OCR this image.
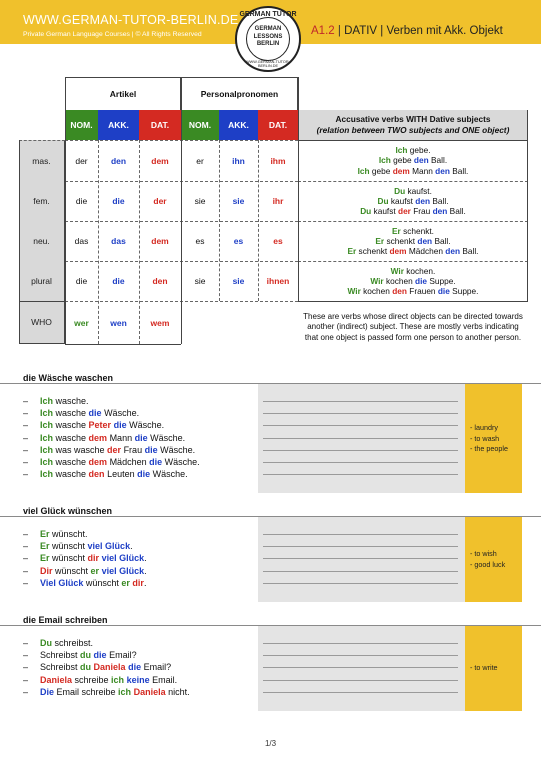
WWW.GERMAN-TUTOR-BERLIN.DE
Private German Language Courses | © All Rights Reserved	A1.2 | DATIV | Verben mit Akk. Objekt
GERMAN TUTOR
GERMAN
LESSONS
BERLIN
WWW.GERMAN-TUTOR-BERLIN.DE
Artikel	Personalpronomen
NOM.	AKK.	DAT.	NOM.	AKK.	DAT.
Accusative verbs WITH Dative subjects
(relation between TWO subjects and ONE object)
mas.	der	den	dem	er	ihn	ihm
Ich gebe.
Ich gebe den Ball.
Ich gebe dem Mann den Ball.
fem.	die	die	der	sie	sie	ihr
Du kaufst.
Du kaufst den Ball.
Du kaufst der Frau den Ball.
neu.	das	das	dem	es	es	es
Er schenkt.
Er schenkt den Ball.
Er schenkt dem Mädchen den Ball.
plural	die	die	den	sie	sie	ihnen
Wir kochen.
Wir kochen die Suppe.
Wir kochen den Frauen die Suppe.
WHO	wer	wen	wem
These are verbs whose direct objects can be directed towards another (indirect) subject. These are mostly verbs indicating that one object is passed form one person to another person.
die Wäsche waschen
– Ich wasche.
– Ich wasche die Wäsche.
– Ich wasche Peter die Wäsche.
– Ich wasche dem Mann die Wäsche.
– Ich was wasche der Frau die Wäsche.
– Ich wasche dem Mädchen die Wäsche.
– Ich wasche den Leuten die Wäsche.
- laundry
- to wash
- the people
viel Glück wünschen
– Er wünscht.
– Er wünscht viel Glück.
– Er wünscht dir viel Glück.
– Dir wünscht er viel Glück.
– Viel Glück wünscht er dir.
- to wish
- good luck
die Email schreiben
– Du schreibst.
– Schreibst du die Email?
– Schreibst du Daniela die Email?
– Daniela schreibe ich keine Email.
– Die Email schreibe ich Daniela nicht.
- to write
1/3
